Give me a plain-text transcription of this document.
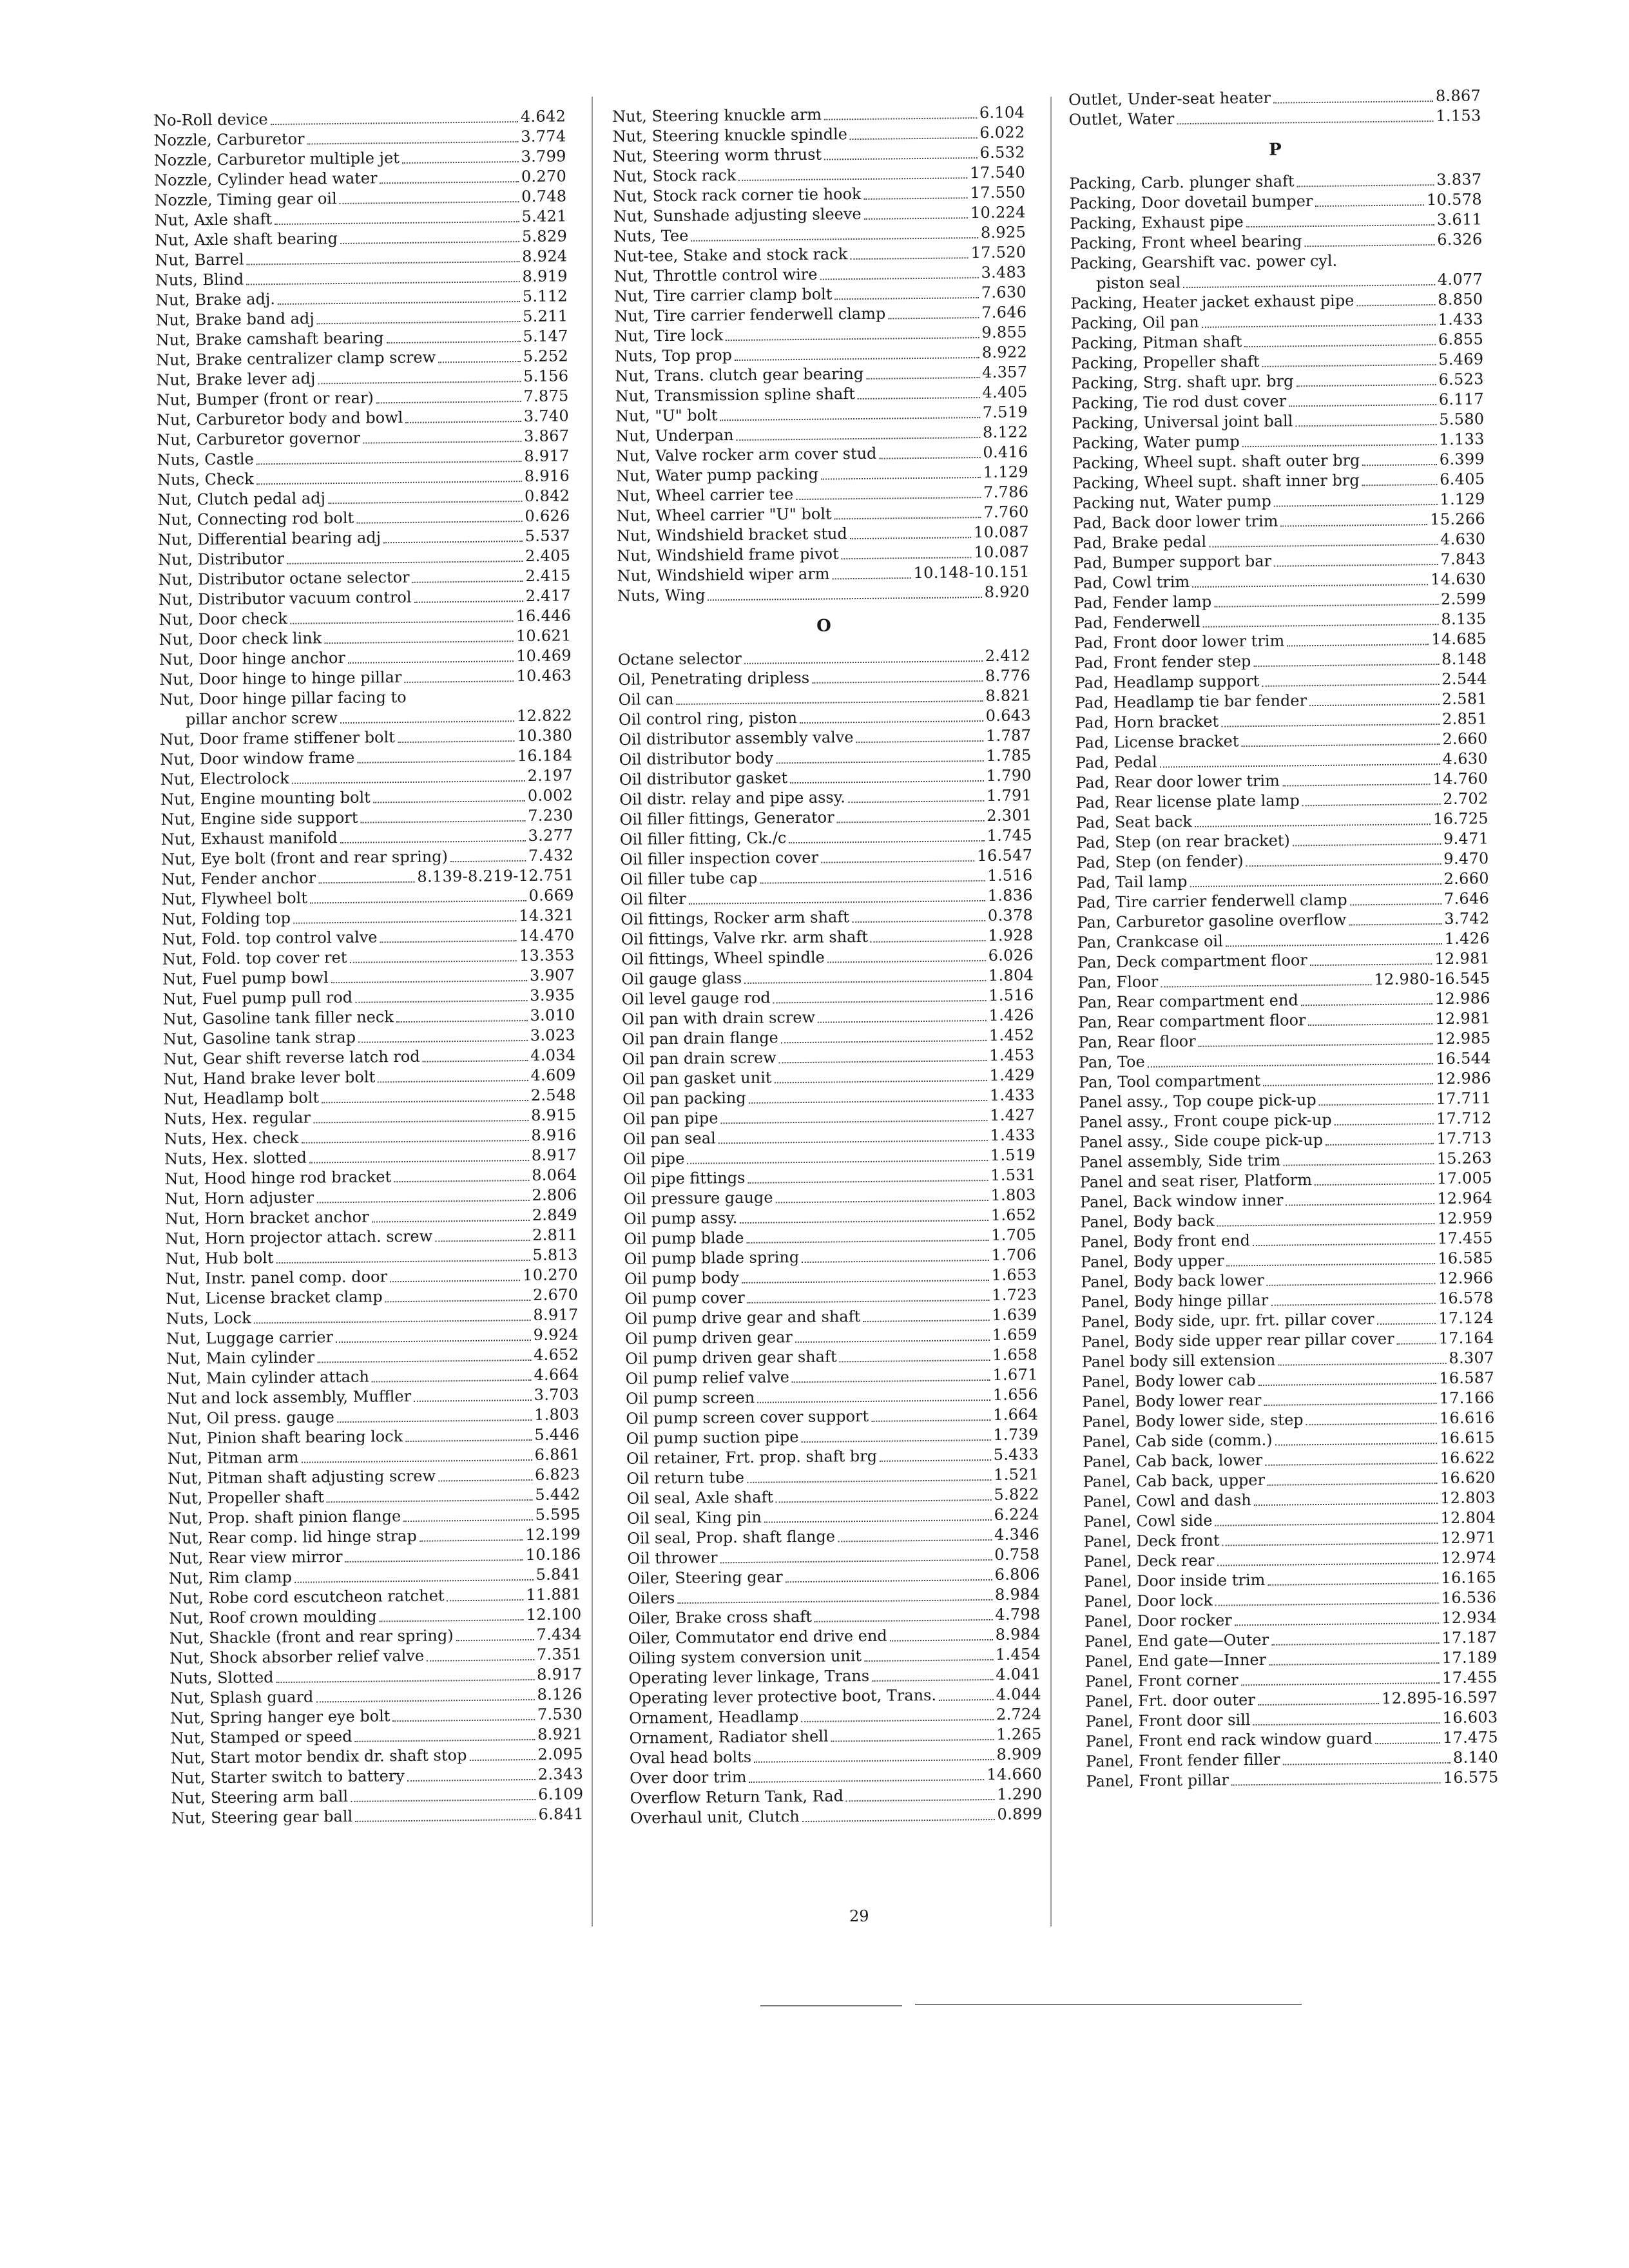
No-Roll device	4.642
Nozzle, Carburetor	3.774
Nozzle, Carburetor multiple jet	3.799
Nozzle, Cylinder head water	0.270
Nozzle, Timing gear oil	0.748
Nut, Axle shaft	5.421
Nut, Axle shaft bearing	5.829
Nut, Barrel	8.924
Nuts, Blind	8.919
Nut, Brake adj.	5.112
Nut, Brake band adj	5.211
Nut, Brake camshaft bearing	5.147
Nut, Brake centralizer clamp screw	5.252
Nut, Brake lever adj	5.156
Nut, Bumper (front or rear)	7.875
Nut, Carburetor body and bowl	3.740
Nut, Carburetor governor	3.867
Nuts, Castle	8.917
Nuts, Check	8.916
Nut, Clutch pedal adj	0.842
Nut, Connecting rod bolt	0.626
Nut, Differential bearing adj	5.537
Nut, Distributor	2.405
Nut, Distributor octane selector	2.415
Nut, Distributor vacuum control	2.417
Nut, Door check	16.446
Nut, Door check link	10.621
Nut, Door hinge anchor	10.469
Nut, Door hinge to hinge pillar	10.463
Nut, Door hinge pillar facing to
pillar anchor screw	12.822
Nut, Door frame stiffener bolt	10.380
Nut, Door window frame	16.184
Nut, Electrolock	2.197
Nut, Engine mounting bolt	0.002
Nut, Engine side support	7.230
Nut, Exhaust manifold	3.277
Nut, Eye bolt (front and rear spring)	7.432
Nut, Fender anchor	8.139-8.219-12.751
Nut, Flywheel bolt	0.669
Nut, Folding top	14.321
Nut, Fold. top control valve	14.470
Nut, Fold. top cover ret	13.353
Nut, Fuel pump bowl	3.907
Nut, Fuel pump pull rod	3.935
Nut, Gasoline tank filler neck	3.010
Nut, Gasoline tank strap	3.023
Nut, Gear shift reverse latch rod	4.034
Nut, Hand brake lever bolt	4.609
Nut, Headlamp bolt	2.548
Nuts, Hex. regular	8.915
Nuts, Hex. check	8.916
Nuts, Hex. slotted	8.917
Nut, Hood hinge rod bracket	8.064
Nut, Horn adjuster	2.806
Nut, Horn bracket anchor	2.849
Nut, Horn projector attach. screw	2.811
Nut, Hub bolt	5.813
Nut, Instr. panel comp. door	10.270
Nut, License bracket clamp	2.670
Nuts, Lock	8.917
Nut, Luggage carrier	9.924
Nut, Main cylinder	4.652
Nut, Main cylinder attach	4.664
Nut and lock assembly, Muffler	3.703
Nut, Oil press. gauge	1.803
Nut, Pinion shaft bearing lock	5.446
Nut, Pitman arm	6.861
Nut, Pitman shaft adjusting screw	6.823
Nut, Propeller shaft	5.442
Nut, Prop. shaft pinion flange	5.595
Nut, Rear comp. lid hinge strap	12.199
Nut, Rear view mirror	10.186
Nut, Rim clamp	5.841
Nut, Robe cord escutcheon ratchet	11.881
Nut, Roof crown moulding	12.100
Nut, Shackle (front and rear spring)	7.434
Nut, Shock absorber relief valve	7.351
Nuts, Slotted	8.917
Nut, Splash guard	8.126
Nut, Spring hanger eye bolt	7.530
Nut, Stamped or speed	8.921
Nut, Start motor bendix dr. shaft stop	2.095
Nut, Starter switch to battery	2.343
Nut, Steering arm ball	6.109
Nut, Steering gear ball	6.841
Nut, Steering knuckle arm	6.104
Nut, Steering knuckle spindle	6.022
Nut, Steering worm thrust	6.532
Nut, Stock rack	17.540
Nut, Stock rack corner tie hook	17.550
Nut, Sunshade adjusting sleeve	10.224
Nuts, Tee	8.925
Nut-tee, Stake and stock rack	17.520
Nut, Throttle control wire	3.483
Nut, Tire carrier clamp bolt	7.630
Nut, Tire carrier fenderwell clamp	7.646
Nut, Tire lock	9.855
Nuts, Top prop	8.922
Nut, Trans. clutch gear bearing	4.357
Nut, Transmission spline shaft	4.405
Nut, "U" bolt	7.519
Nut, Underpan	8.122
Nut, Valve rocker arm cover stud	0.416
Nut, Water pump packing	1.129
Nut, Wheel carrier tee	7.786
Nut, Wheel carrier "U" bolt	7.760
Nut, Windshield bracket stud	10.087
Nut, Windshield frame pivot	10.087
Nut, Windshield wiper arm	10.148-10.151
Nuts, Wing	8.920
O
Octane selector	2.412
Oil, Penetrating dripless	8.776
Oil can	8.821
Oil control ring, piston	0.643
Oil distributor assembly valve	1.787
Oil distributor body	1.785
Oil distributor gasket	1.790
Oil distr. relay and pipe assy.	1.791
Oil filler fittings, Generator	2.301
Oil filler fitting, Ck./c	1.745
Oil filler inspection cover	16.547
Oil filler tube cap	1.516
Oil filter	1.836
Oil fittings, Rocker arm shaft	0.378
Oil fittings, Valve rkr. arm shaft	1.928
Oil fittings, Wheel spindle	6.026
Oil gauge glass	1.804
Oil level gauge rod	1.516
Oil pan with drain screw	1.426
Oil pan drain flange	1.452
Oil pan drain screw	1.453
Oil pan gasket unit	1.429
Oil pan packing	1.433
Oil pan pipe	1.427
Oil pan seal	1.433
Oil pipe	1.519
Oil pipe fittings	1.531
Oil pressure gauge	1.803
Oil pump assy.	1.652
Oil pump blade	1.705
Oil pump blade spring	1.706
Oil pump body	1.653
Oil pump cover	1.723
Oil pump drive gear and shaft	1.639
Oil pump driven gear	1.659
Oil pump driven gear shaft	1.658
Oil pump relief valve	1.671
Oil pump screen	1.656
Oil pump screen cover support	1.664
Oil pump suction pipe	1.739
Oil retainer, Frt. prop. shaft brg	5.433
Oil return tube	1.521
Oil seal, Axle shaft	5.822
Oil seal, King pin	6.224
Oil seal, Prop. shaft flange	4.346
Oil thrower	0.758
Oiler, Steering gear	6.806
Oilers	8.984
Oiler, Brake cross shaft	4.798
Oiler, Commutator end drive end	8.984
Oiling system conversion unit	1.454
Operating lever linkage, Trans	4.041
Operating lever protective boot, Trans.	4.044
Ornament, Headlamp	2.724
Ornament, Radiator shell	1.265
Oval head bolts	8.909
Over door trim	14.660
Overflow Return Tank, Rad	1.290
Overhaul unit, Clutch	0.899
Outlet, Under-seat heater	8.867
Outlet, Water	1.153
P
Packing, Carb. plunger shaft	3.837
Packing, Door dovetail bumper	10.578
Packing, Exhaust pipe	3.611
Packing, Front wheel bearing	6.326
Packing, Gearshift vac. power cyl.
piston seal	4.077
Packing, Heater jacket exhaust pipe	8.850
Packing, Oil pan	1.433
Packing, Pitman shaft	6.855
Packing, Propeller shaft	5.469
Packing, Strg. shaft upr. brg	6.523
Packing, Tie rod dust cover	6.117
Packing, Universal joint ball	5.580
Packing, Water pump	1.133
Packing, Wheel supt. shaft outer brg	6.399
Packing, Wheel supt. shaft inner brg	6.405
Packing nut, Water pump	1.129
Pad, Back door lower trim	15.266
Pad, Brake pedal	4.630
Pad, Bumper support bar	7.843
Pad, Cowl trim	14.630
Pad, Fender lamp	2.599
Pad, Fenderwell	8.135
Pad, Front door lower trim	14.685
Pad, Front fender step	8.148
Pad, Headlamp support	2.544
Pad, Headlamp tie bar fender	2.581
Pad, Horn bracket	2.851
Pad, License bracket	2.660
Pad, Pedal	4.630
Pad, Rear door lower trim	14.760
Pad, Rear license plate lamp	2.702
Pad, Seat back	16.725
Pad, Step (on rear bracket)	9.471
Pad, Step (on fender)	9.470
Pad, Tail lamp	2.660
Pad, Tire carrier fenderwell clamp	7.646
Pan, Carburetor gasoline overflow	3.742
Pan, Crankcase oil	1.426
Pan, Deck compartment floor	12.981
Pan, Floor	12.980-16.545
Pan, Rear compartment end	12.986
Pan, Rear compartment floor	12.981
Pan, Rear floor	12.985
Pan, Toe	16.544
Pan, Tool compartment	12.986
Panel assy., Top coupe pick-up	17.711
Panel assy., Front coupe pick-up	17.712
Panel assy., Side coupe pick-up	17.713
Panel assembly, Side trim	15.263
Panel and seat riser, Platform	17.005
Panel, Back window inner	12.964
Panel, Body back	12.959
Panel, Body front end	17.455
Panel, Body upper	16.585
Panel, Body back lower	12.966
Panel, Body hinge pillar	16.578
Panel, Body side, upr. frt. pillar cover	17.124
Panel, Body side upper rear pillar cover	17.164
Panel body sill extension	8.307
Panel, Body lower cab	16.587
Panel, Body lower rear	17.166
Panel, Body lower side, step	16.616
Panel, Cab side (comm.)	16.615
Panel, Cab back, lower	16.622
Panel, Cab back, upper	16.620
Panel, Cowl and dash	12.803
Panel, Cowl side	12.804
Panel, Deck front	12.971
Panel, Deck rear	12.974
Panel, Door inside trim	16.165
Panel, Door lock	16.536
Panel, Door rocker	12.934
Panel, End gate—Outer	17.187
Panel, End gate—Inner	17.189
Panel, Front corner	17.455
Panel, Frt. door outer	12.895-16.597
Panel, Front door sill	16.603
Panel, Front end rack window guard	17.475
Panel, Front fender filler	8.140
Panel, Front pillar	16.575
29
